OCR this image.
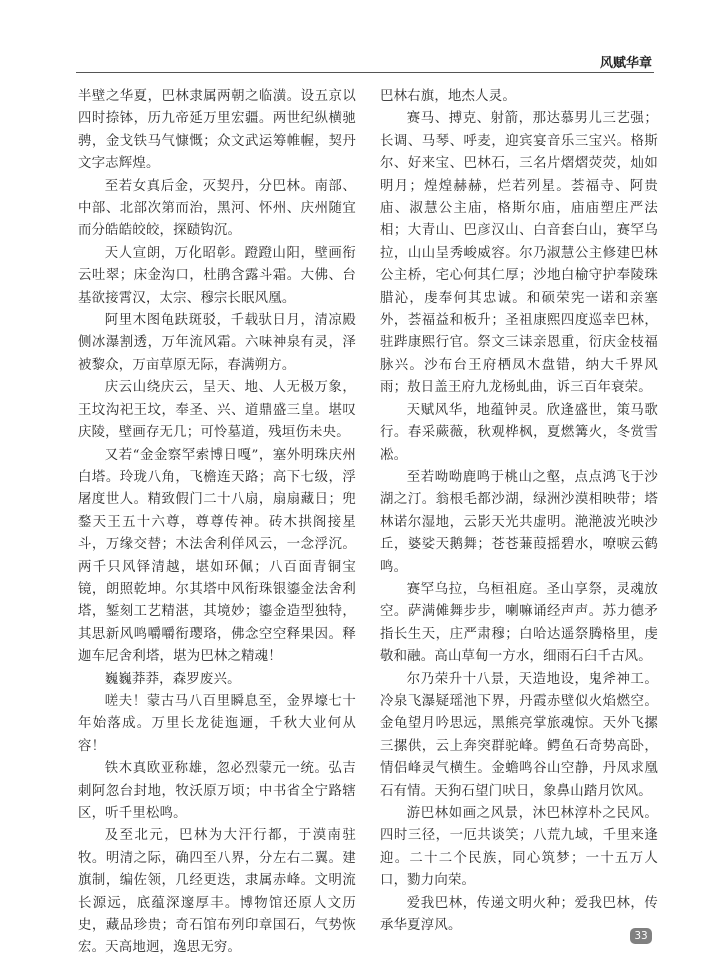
风赋华章

半壁之华夏，巴林隶属两朝之临潢。设五京以四时捺钵，历九帝延万里宏疆。两世纪纵横驰骋，金戈铁马气慷慨；众文武运筹帷幄，契丹文字志辉煌。

至若女真后金，灭契丹，分巴林。南部、中部、北部次第而治，黑河、怀州、庆州随宜而分皓皓皎皎，探赜钩沉。

天人宣朗，万化昭彰。蹬蹬山阳，壁画衔云吐翠；床金沟口，杜鹃含露斗霜。大佛、台基欲接霄汉，太宗、穆宗长眠风凰。

阿里木图龟趺斑驳，千载驮日月，清凉殿侧冰瀑割透，万年流风霜。六味神泉有灵，泽被黎众，万亩草原无际，春满朔方。

庆云山绕庆云，呈天、地、人无极万象，王坟沟祀王坟，奉圣、兴、道鼎盛三皇。堪叹庆陵，壁画存无几；可怜墓道，残垣伤未央。

又若“金金察罕索博日嘎”，塞外明珠庆州白塔。玲珑八角，飞檐连天路；高下七级，浮屠度世人。精致假门二十八扇，扇扇藏日；兜鍪天王五十六尊，尊尊传神。砖木拱阁接星斗，万缘交替；木法舍利佯风云，一念浮沉。两千只风铎清越，堪如环佩；八百面青铜宝镜，朗照乾坤。尔其塔中风衔珠银鎏金法舍利塔，錾刻工艺精湛，其境妙；鎏金造型独特，其思新风鸣嚼嚼衔璎珞，佛念空空释果因。释迦车尼舍利塔，堪为巴林之精魂！

巍巍莽莽，森罗废兴。

嗟夫！蒙古马八百里瞬息至，金界壕七十年始落成。万里长龙徒迤逦，千秋大业何从容！

铁木真欧亚称雄，忽必烈蒙元一统。弘吉刺阿忽台封地，牧沃原万顷；中书省全宁路辖区，听千里松鸣。

及至北元，巴林为大汗行都，于漠南驻牧。明清之际，确四至八界，分左右二翼。建旗制，编佐领，几经更迭，隶属赤峰。文明流长源远，底蕴深邃厚丰。博物馆还原人文历史，藏品珍贵；奇石馆布列印章国石，气势恢宏。天高地迥，逸思无穷。

巴林右旗，地杰人灵。

赛马、搏克、射箭，那达慕男儿三艺强；长调、马琴、呼麦，迎宾宴音乐三宝兴。格斯尔、好来宝、巴林石，三名片熠熠荧荧，灿如明月；煌煌赫赫，烂若列星。荟福寺、阿贵庙、淑慧公主庙，格斯尔庙，庙庙塑庄严法相；大青山、巴彦汉山、白音套白山，赛罕乌拉，山山呈秀峻威容。尔乃淑慧公主修建巴林公主桥，宅心何其仁厚；沙地白榆守护奉陵珠腊沁，虔奉何其忠诚。和硕荣宪一诺和亲塞外，荟福益和板升；圣祖康熙四度巡幸巴林，驻跸康熙行官。祭文三诔亲恩重，衍庆金枝福脉兴。沙布台王府栖凤木盘错，纳大千界风雨；敖日盖王府九龙杨虬曲，诉三百年衰荣。

天赋风华，地蕴钟灵。欣逢盛世，策马歌行。春采蕨薇，秋观桦枫，夏燃篝火，冬赏雪凇。

至若呦呦鹿鸣于桃山之壑，点点鸿飞于沙湖之汀。翁根毛都沙湖，绿洲沙漠相映带；塔林诺尔湿地，云影天光共虚明。滟滟波光映沙丘，婆娑天鹅舞；苍苍蒹葭摇碧水，嘹唳云鹤鸣。

赛罕乌拉，乌桓祖庭。圣山享祭，灵魂放空。萨满傩舞步步，喇嘛诵经声声。苏力德矛指长生天，庄严肃穆；白哈达遥祭腾格里，虔敬和融。高山草甸一方水，细雨石臼千古风。

尔乃荣升十八景，天造地设，鬼斧神工。冷泉飞瀑疑瑶池下界，丹霞赤壁似火焰燃空。金龟望月吟思远，黑熊亮掌旅魂惊。天外飞摞三摞供，云上奔突群驼峰。鳄鱼石奇势高卧，情侣峰灵气横生。金蟾鸣谷山空静，丹凤求凰石有情。天狗石望门吠日，象鼻山踏月饮风。

游巴林如画之风景，沐巴林淳朴之民风。四时三径，一厄共谈笑；八荒九域，千里来逢迎。二十二个民族，同心筑梦；一十五万人口，勠力向荣。

爱我巴林，传递文明火种；爱我巴林，传承华夏淳风。

33
